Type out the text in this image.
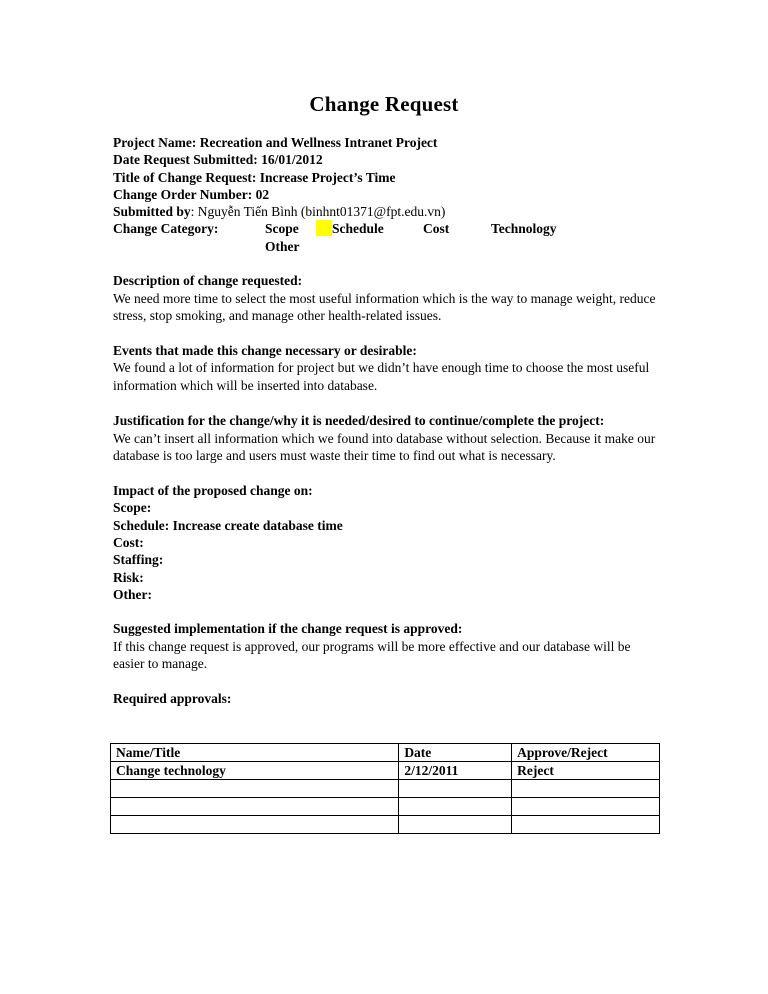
Change Request
Project Name: Recreation and Wellness Intranet Project
Date Request Submitted: 16/01/2012
Title of Change Request: Increase Project’s Time
Change Order Number: 02
Submitted by: Nguyễn Tiến Bình (binhnt01371@fpt.edu.vn)
Change Category:	Scope Schedule	Cost	Technology
Other
Description of change requested:
We need more time to select the most useful information which is the way to manage weight, reduce stress, stop smoking, and manage other health-related issues.
Events that made this change necessary or desirable:
We found a lot of information for project but we didn’t have enough time to choose the most useful information which will be inserted into database.
Justification for the change/why it is needed/desired to continue/complete the project:
We can’t insert all information which we found into database without selection. Because it make our database is too large and users must waste their time to find out what is necessary.
Impact of the proposed change on:
Scope:
Schedule: Increase create database time
Cost:
Staffing:
Risk:
Other:
Suggested implementation if the change request is approved:
If this change request is approved, our programs will be more effective and our database will be easier to manage.
Required approvals:
Name/Title	Date	Approve/Reject
Change technology	2/12/2011	Reject
